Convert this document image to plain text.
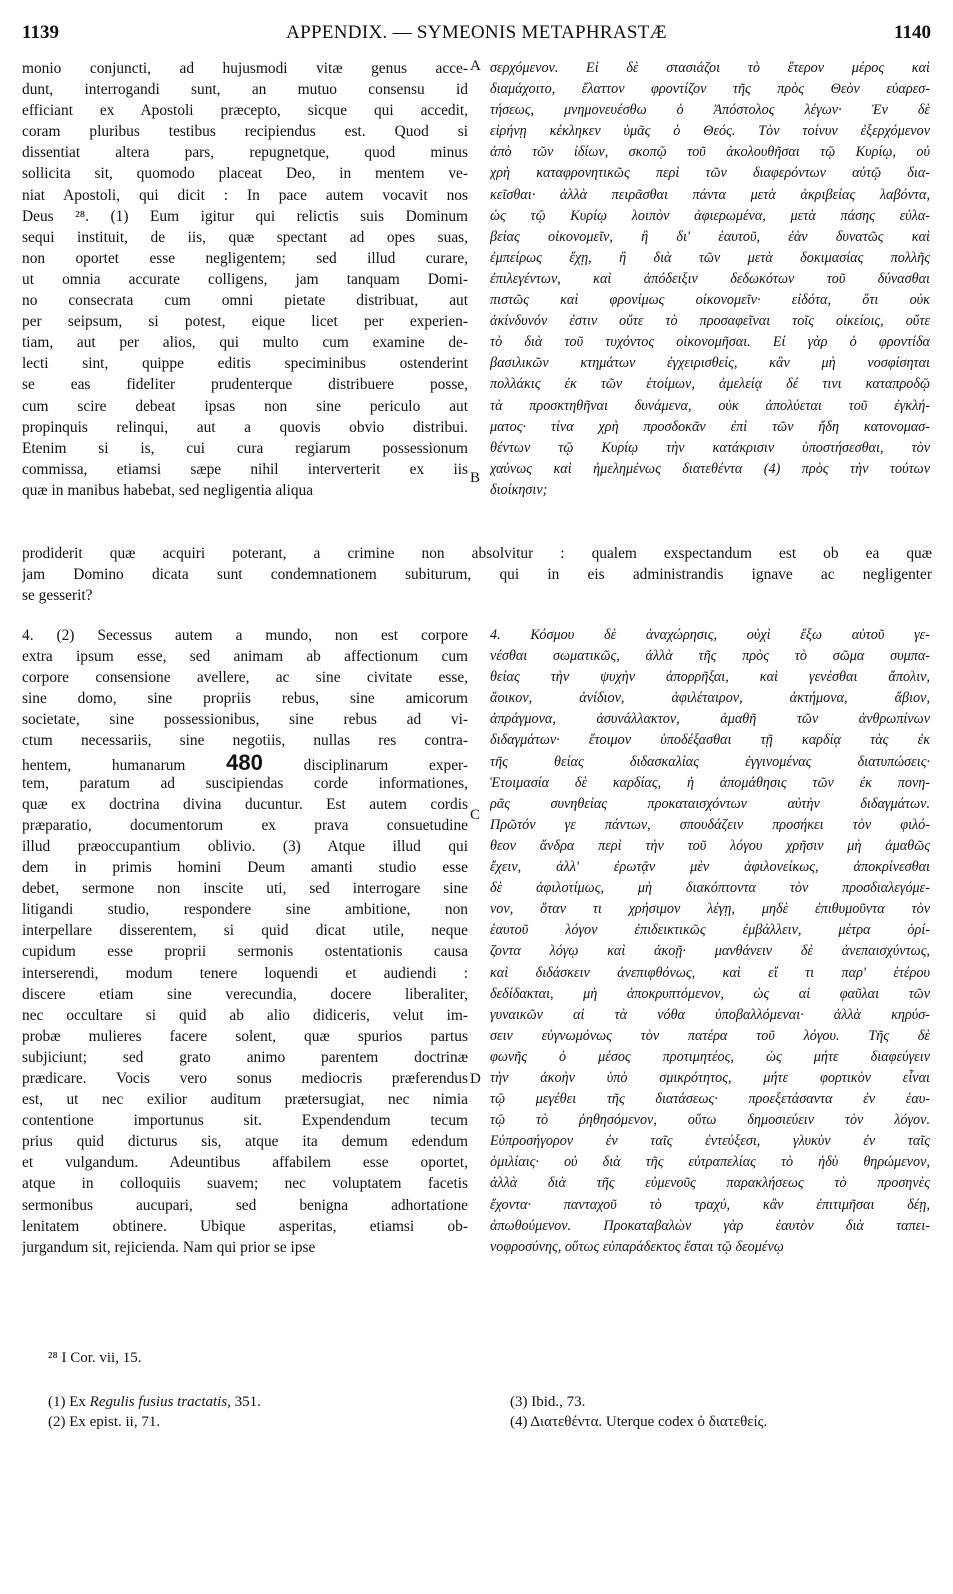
1139	APPENDIX. — SYMEONIS METAPHRASTÆ	1140
monio conjuncti, ad hujusmodi vitæ genus acce-
dunt, interrogandi sunt, an mutuo consensu id
efficiant ex Apostoli præcepto, sicque qui accedit,
coram pluribus testibus recipiendus est. Quod si
dissentiat altera pars, repugnetque, quod minus
sollicita sit, quomodo placeat Deo, in mentem ve-
niat Apostoli, qui dicit : In pace autem vocavit nos
Deus ²⁸. (1) Eum igitur qui relictis suis Dominum
sequi instituit, de iis, quæ spectant ad opes suas,
non oportet esse negligentem; sed illud curare,
ut omnia accurate colligens, jam tanquam Domi-
no consecrata cum omni pietate distribuat, aut
per seipsum, si potest, eique licet per experien-
tiam, aut per alios, qui multo cum examine de-
lecti sint, quippe editis speciminibus ostenderint
se eas fideliter prudenterque distribuere posse,
cum scire debeat ipsas non sine periculo aut
propinquis relinqui, aut a quovis obvio distribui.
Etenim si is, cui cura regiarum possessionum
commissa, etiamsi sæpe nihil interverterit ex iis
quæ in manibus habebat, sed negligentia aliqua
σερχόμενον. Εἰ δὲ στασιάζοι τὸ ἕτερον μέρος καὶ
διαμάχοιτο, ἔλαττον φροντίζον τῆς πρὸς Θεὸν εὐαρεσ-
τήσεως, μνημονευέσθω ὁ Ἀπόστολος λέγων· Ἐν δὲ
εἰρήνῃ κέκληκεν ὑμᾶς ὁ Θεός. Τὸν τοίνυν ἐξερχόμενον
ἀπὸ τῶν ἰδίων, σκοπῷ τοῦ ἀκολουθῆσαι τῷ Κυρίῳ, οὐ
χρὴ καταφρονητικῶς περὶ τῶν διαφερόντων αὐτῷ δια-
κεῖσθαι· ἀλλὰ πειρᾶσθαι πάντα μετὰ ἀκριβείας λαβόντα,
ὡς τῷ Κυρίῳ λοιπὸν ἀφιερωμένα, μετὰ πάσης εὐλα-
βείας οἰκονομεῖν, ἢ δι' ἑαυτοῦ, ἐὰν δυνατῶς καὶ
ἐμπείρως ἔχῃ, ἢ διὰ τῶν μετὰ δοκιμασίας πολλῆς
ἐπιλεγέντων, καὶ ἀπόδειξιν δεδωκότων τοῦ δύνασθαι
πιστῶς καὶ φρονίμως οἰκονομεῖν· εἰδότα, ὅτι οὐκ
ἀκίνδυνόν ἐστιν οὔτε τὸ προσαφεῖναι τοῖς οἰκείοις, οὔτε
τὸ διὰ τοῦ τυχόντος οἰκονομῆσαι. Εἰ γὰρ ὁ φροντίδα
βασιλικῶν κτημάτων ἐγχειρισθείς, κἂν μὴ νοσφίσηται
πολλάκις ἐκ τῶν ἑτοίμων, ἀμελείᾳ δέ τινι καταπροδῷ
τὰ προσκτηθῆναι δυνάμενα, οὐκ ἀπολύεται τοῦ ἐγκλή-
ματος· τίνα χρὴ προσδοκᾶν ἐπὶ τῶν ἤδη κατονομασ-
θέντων τῷ Κυρίῳ τὴν κατάκρισιν ὑποστήσεσθαι, τὸν
χαύνως καὶ ἠμελημένως διατεθέντα (4) πρὸς τὴν τούτων
διοίκησιν;
A
B
prodiderit quæ acquiri poterant, a crimine non absolvitur : qualem exspectandum est ob ea quæ
jam Domino dicata sunt condemnationem subiturum, qui in eis administrandis ignave ac negligenter
se gesserit?
4. (2) Secessus autem a mundo, non est corpore
extra ipsum esse, sed animam ab affectionum cum
corpore consensione avellere, ac sine civitate esse,
sine domo, sine propriis rebus, sine amicorum
societate, sine possessionibus, sine rebus ad vi-
ctum necessariis, sine negotiis, nullas res contra-
hentem, humanarum 480 disciplinarum exper-
tem, paratum ad suscipiendas corde informationes,
quæ ex doctrina divina ducuntur. Est autem cordis
præparatio, documentorum ex prava consuetudine
illud præoccupantium oblivio. (3) Atque illud qui
dem in primis homini Deum amanti studio esse
debet, sermone non inscite uti, sed interrogare sine
litigandi studio, respondere sine ambitione, non
interpellare disserentem, si quid dicat utile, neque
cupidum esse proprii sermonis ostentationis causa
interserendi, modum tenere loquendi et audiendi :
discere etiam sine verecundia, docere liberaliter,
nec occultare si quid ab alio didiceris, velut im-
probæ mulieres facere solent, quæ spurios partus
subjiciunt; sed grato animo parentem doctrinæ
prædicare. Vocis vero sonus mediocris præferendus
est, ut nec exilior auditum prætersugiat, nec nimia
contentione importunus sit. Expendendum tecum
prius quid dicturus sis, atque ita demum edendum
et vulgandum. Adeuntibus affabilem esse oportet,
atque in colloquiis suavem; nec voluptatem facetis
sermonibus aucupari, sed benigna adhortatione
lenitatem obtinere. Ubique asperitas, etiamsi ob-
jurgandum sit, rejicienda. Nam qui prior se ipse
4. Κόσμου δὲ ἀναχώρησις, οὐχὶ ἔξω αὐτοῦ γε-
νέσθαι σωματικῶς, ἀλλὰ τῆς πρὸς τὸ σῶμα συμπα-
θείας τὴν ψυχὴν ἀπορρῆξαι, καὶ γενέσθαι ἄπολιν,
ἄοικον, ἀνίδιον, ἀφιλέταιρον, ἀκτήμονα, ἄβιον,
ἀπράγμονα, ἀσυνάλλακτον, ἀμαθῆ τῶν ἀνθρωπίνων
διδαγμάτων· ἕτοιμον ὑποδέξασθαι τῇ καρδίᾳ τὰς ἐκ
τῆς θείας διδασκαλίας ἐγγινομένας διατυπώσεις·
Ἑτοιμασία δὲ καρδίας, ἡ ἀπομάθησις τῶν ἐκ πονη-
ρᾶς συνηθείας προκαταισχόντων αὐτὴν διδαγμάτων.
Πρῶτόν γε πάντων, σπουδάζειν προσήκει τὸν φιλό-
θεον ἄνδρα περὶ τὴν τοῦ λόγου χρῆσιν μὴ ἀμαθῶς
ἔχειν, ἀλλ' ἐρωτᾷν μὲν ἀφιλονείκως, ἀποκρίνεσθαι
δὲ ἀφιλοτίμως, μὴ διακόπτοντα τὸν προσδιαλεγόμε-
νον, ὅταν τι χρήσιμον λέγῃ, μηδὲ ἐπιθυμοῦντα τὸν
ἑαυτοῦ λόγον ἐπιδεικτικῶς ἐμβάλλειν, μέτρα ὁρί-
ζοντα λόγῳ καὶ ἀκοῇ· μανθάνειν δὲ ἀνεπαισχύντως,
καὶ διδάσκειν ἀνεπιφθόνως, καὶ εἴ τι παρ' ἑτέρου
δεδίδακται, μὴ ἀποκρυπτόμενον, ὡς αἱ φαῦλαι τῶν
γυναικῶν αἱ τὰ νόθα ὑποβαλλόμεναι· ἀλλὰ κηρύσ-
σειν εὐγνωμόνως τὸν πατέρα τοῦ λόγου. Τῆς δὲ
φωνῆς ὁ μέσος προτιμητέος, ὡς μήτε διαφεύγειν
τὴν ἀκοὴν ὑπὸ σμικρότητος, μήτε φορτικὸν εἶναι
τῷ μεγέθει τῆς διατάσεως· προεξετάσαντα ἐν ἑαυ-
τῷ τὸ ῥηθησόμενον, οὕτω δημοσιεύειν τὸν λόγον.
Εὐπροσήγορον ἐν ταῖς ἐντεύξεσι, γλυκὺν ἐν ταῖς
ὁμιλίαις· οὐ διὰ τῆς εὐτραπελίας τὸ ἡδὺ θηρώμενον,
ἀλλὰ διὰ τῆς εὐμενοῦς παρακλήσεως τὸ προσηνὲς
ἔχοντα· πανταχοῦ τὸ τραχύ, κἂν ἐπιτιμῆσαι δέῃ,
ἀπωθούμενον. Προκαταβαλὼν γὰρ ἑαυτὸν διὰ ταπει-
νοφροσύνης, οὕτως εὐπαράδεκτος ἔσται τῷ δεομένῳ
C
D
²⁸ I Cor. vii, 15.
(1) Ex Regulis fusius tractatis, 351.
(2) Ex epist. ii, 71.
(3) Ibid., 73.
(4) Διατεθέντα. Uterque codex ὁ διατεθείς.
